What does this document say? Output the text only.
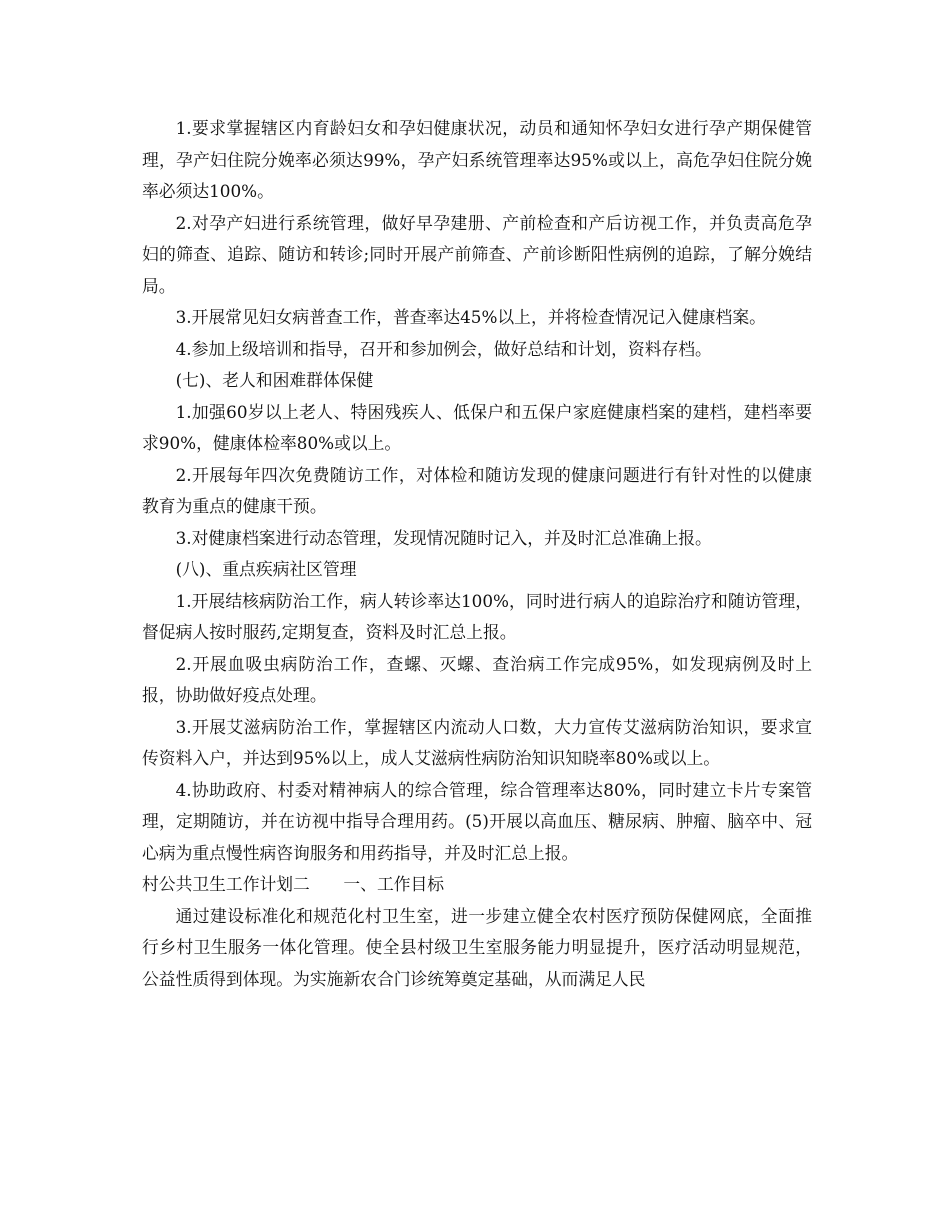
1.要求掌握辖区内育龄妇女和孕妇健康状况，动员和通知怀孕妇女进行孕产期保健管理，孕产妇住院分娩率必须达99%，孕产妇系统管理率达95%或以上，高危孕妇住院分娩率必须达100%。

2.对孕产妇进行系统管理，做好早孕建册、产前检查和产后访视工作，并负责高危孕妇的筛查、追踪、随访和转诊;同时开展产前筛查、产前诊断阳性病例的追踪，了解分娩结局。

3.开展常见妇女病普查工作，普查率达45%以上，并将检查情况记入健康档案。

4.参加上级培训和指导，召开和参加例会，做好总结和计划，资料存档。

(七)、老人和困难群体保健

1.加强60岁以上老人、特困残疾人、低保户和五保户家庭健康档案的建档，建档率要求90%，健康体检率80%或以上。

2.开展每年四次免费随访工作，对体检和随访发现的健康问题进行有针对性的以健康教育为重点的健康干预。

3.对健康档案进行动态管理，发现情况随时记入，并及时汇总准确上报。

(八)、重点疾病社区管理

1.开展结核病防治工作，病人转诊率达100%，同时进行病人的追踪治疗和随访管理，督促病人按时服药,定期复查，资料及时汇总上报。

2.开展血吸虫病防治工作，查螺、灭螺、查治病工作完成95%，如发现病例及时上报，协助做好疫点处理。

3.开展艾滋病防治工作，掌握辖区内流动人口数，大力宣传艾滋病防治知识，要求宣传资料入户，并达到95%以上，成人艾滋病性病防治知识知晓率80%或以上。

4.协助政府、村委对精神病人的综合管理，综合管理率达80%，同时建立卡片专案管理，定期随访，并在访视中指导合理用药。(5)开展以高血压、糖尿病、肿瘤、脑卒中、冠心病为重点慢性病咨询服务和用药指导，并及时汇总上报。

村公共卫生工作计划二　　一、工作目标

通过建设标准化和规范化村卫生室，进一步建立健全农村医疗预防保健网底，全面推行乡村卫生服务一体化管理。使全县村级卫生室服务能力明显提升，医疗活动明显规范，公益性质得到体现。为实施新农合门诊统筹奠定基础，从而满足人民
